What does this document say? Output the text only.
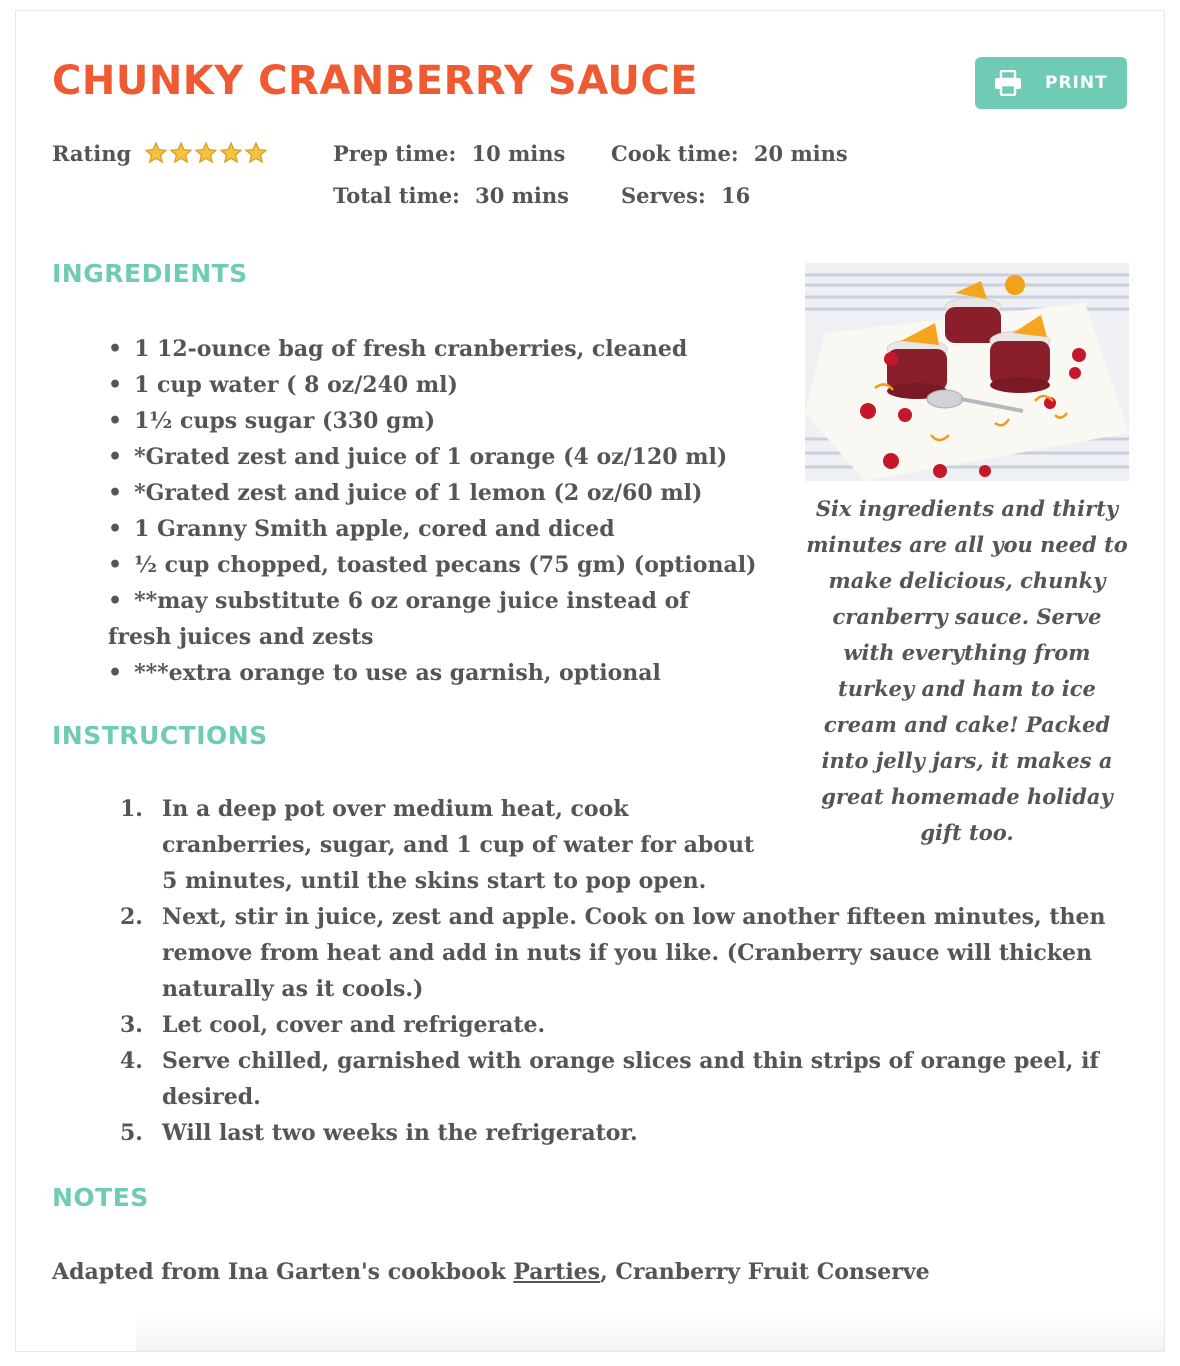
CHUNKY CRANBERRY SAUCE	PRINT
Rating	Prep time: 10 mins Cook time: 20 mins
Total time: 30 mins Serves: 16
INGREDIENTS
• 1 12-ounce bag of fresh cranberries, cleaned
• 1 cup water ( 8 oz/240 ml)
• 1½ cups sugar (330 gm)
• *Grated zest and juice of 1 orange (4 oz/120 ml)
• *Grated zest and juice of 1 lemon (2 oz/60 ml)
• 1 Granny Smith apple, cored and diced
• ½ cup chopped, toasted pecans (75 gm) (optional)
• **may substitute 6 oz orange juice instead of fresh juices and zests
• ***extra orange to use as garnish, optional
Six ingredients and thirty minutes are all you need to make delicious, chunky cranberry sauce. Serve with everything from turkey and ham to ice cream and cake! Packed into jelly jars, it makes a great homemade holiday gift too.
INSTRUCTIONS
1. In a deep pot over medium heat, cook cranberries, sugar, and 1 cup of water for about 5 minutes, until the skins start to pop open.
2. Next, stir in juice, zest and apple. Cook on low another fifteen minutes, then remove from heat and add in nuts if you like. (Cranberry sauce will thicken naturally as it cools.)
3. Let cool, cover and refrigerate.
4. Serve chilled, garnished with orange slices and thin strips of orange peel, if desired.
5. Will last two weeks in the refrigerator.
NOTES
Adapted from Ina Garten's cookbook Parties, Cranberry Fruit Conserve
